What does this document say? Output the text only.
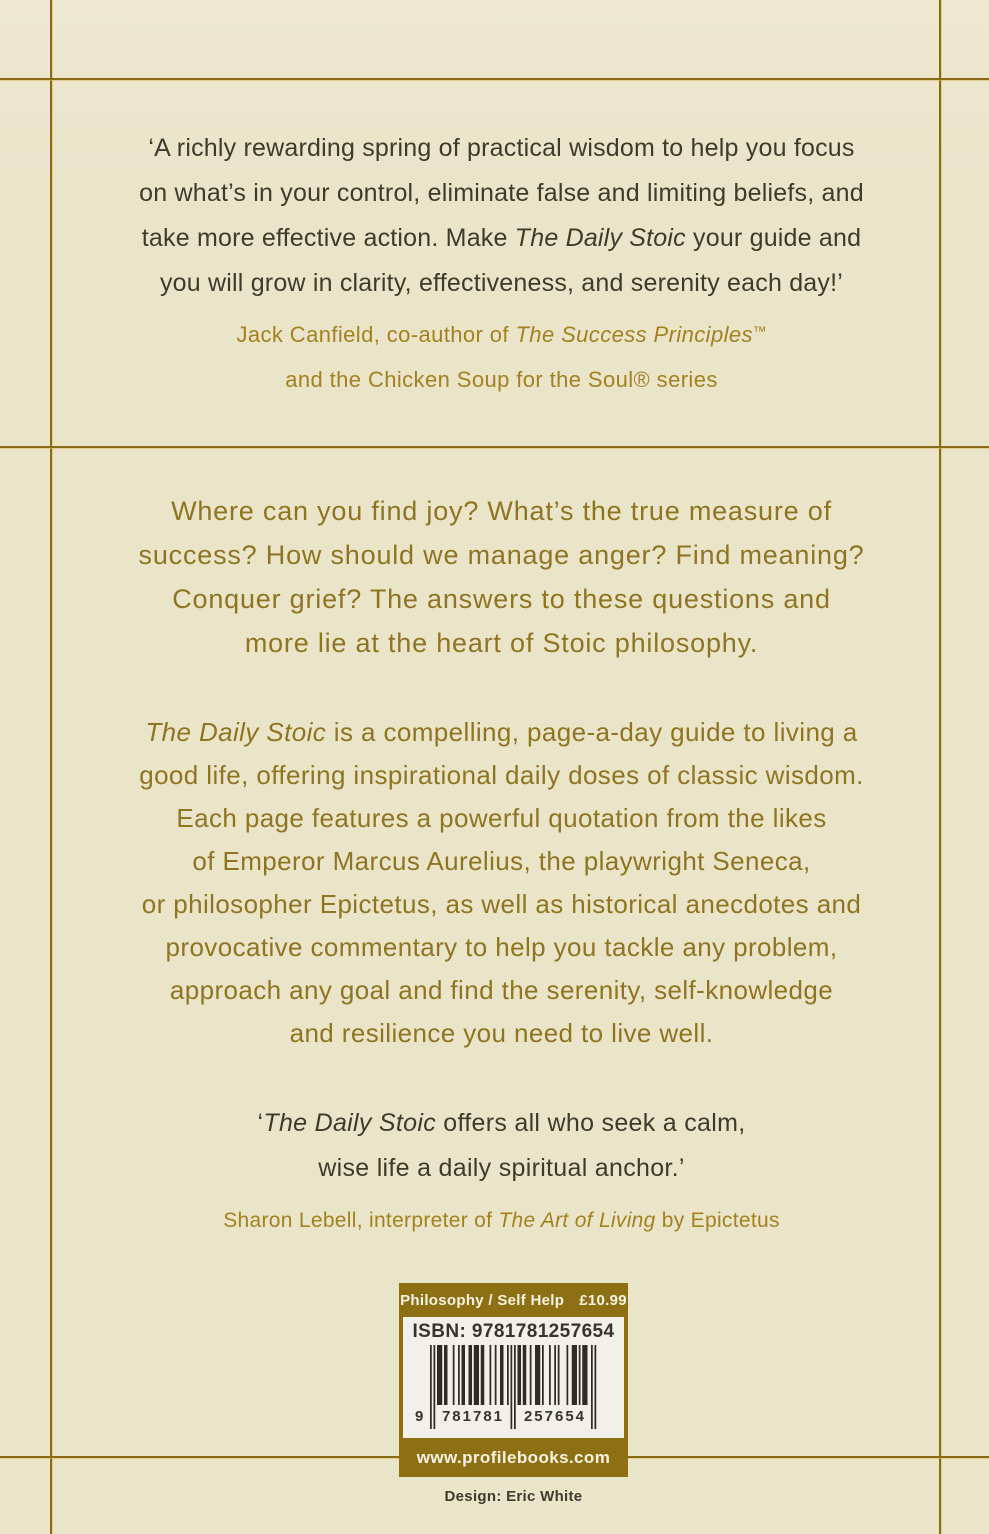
‘A richly rewarding spring of practical wisdom to help you focus

on what’s in your control, eliminate false and limiting beliefs, and

take more effective action. Make The Daily Stoic your guide and

you will grow in clarity, effectiveness, and serenity each day!’

Jack Canfield, co-author of The Success Principles™

and the Chicken Soup for the Soul® series

Where can you find joy? What’s the true measure of

success? How should we manage anger? Find meaning?

Conquer grief? The answers to these questions and

more lie at the heart of Stoic philosophy.

The Daily Stoic is a compelling, page-a-day guide to living a

good life, offering inspirational daily doses of classic wisdom.

Each page features a powerful quotation from the likes

of Emperor Marcus Aurelius, the playwright Seneca,

or philosopher Epictetus, as well as historical anecdotes and

provocative commentary to help you tackle any problem,

approach any goal and find the serenity, self-knowledge

and resilience you need to live well.

‘The Daily Stoic offers all who seek a calm,

wise life a daily spiritual anchor.’

Sharon Lebell, interpreter of The Art of Living by Epictetus

Philosophy / Self Help £10.99
ISBN: 9781781257654
9 781781 257654
www.profilebooks.com
Design: Eric White
